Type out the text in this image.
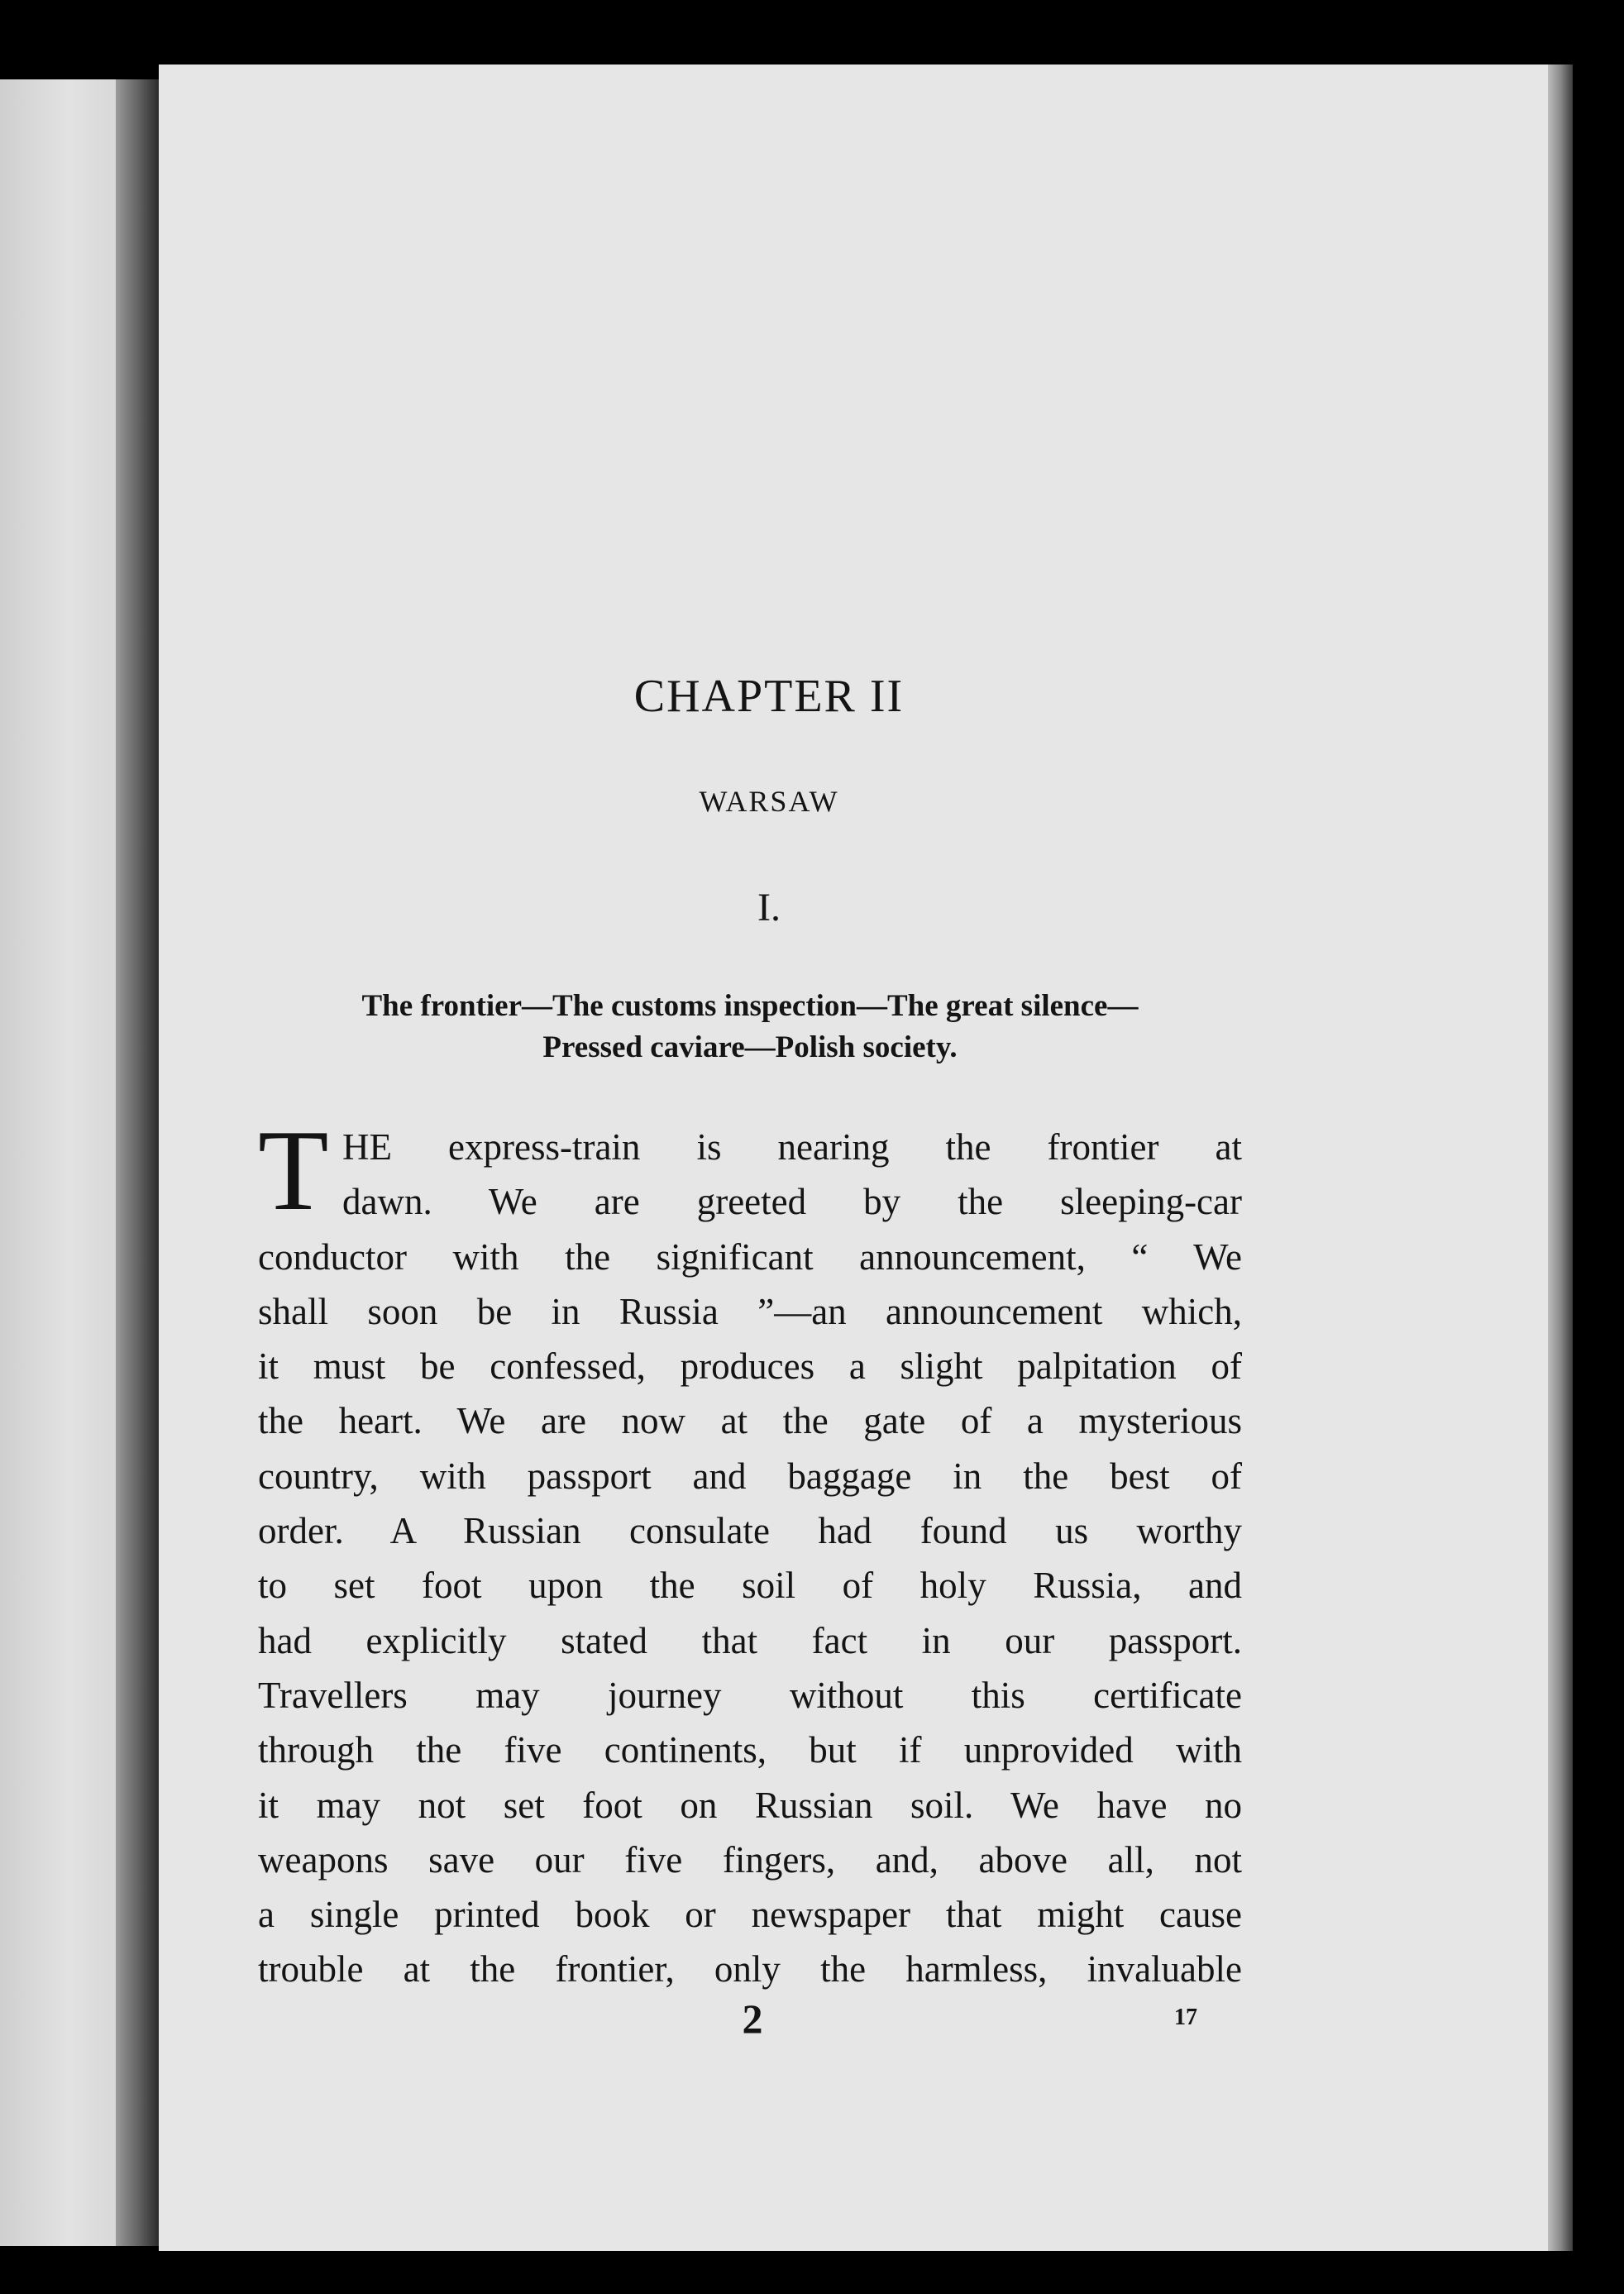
CHAPTER II
WARSAW
I.
The frontier—The customs inspection—The great silence—
Pressed caviare—Polish society.
T HE express-train is nearing the frontier at
dawn. We are greeted by the sleeping-car
conductor with the significant announcement, “ We
shall soon be in Russia ”—an announcement which,
it must be confessed, produces a slight palpitation of
the heart. We are now at the gate of a mysterious
country, with passport and baggage in the best of
order. A Russian consulate had found us worthy
to set foot upon the soil of holy Russia, and
had explicitly stated that fact in our passport.
Travellers may journey without this certificate
through the five continents, but if unprovided with
it may not set foot on Russian soil. We have no
weapons save our five fingers, and, above all, not
a single printed book or newspaper that might cause
trouble at the frontier, only the harmless, invaluable
2	17
